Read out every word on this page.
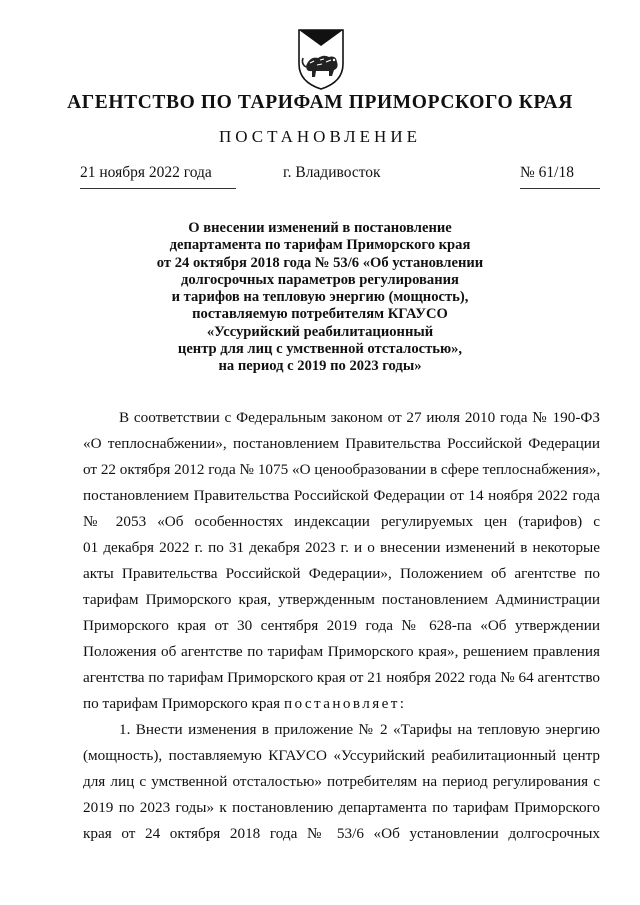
АГЕНТСТВО ПО ТАРИФАМ ПРИМОРСКОГО КРАЯ
ПОСТАНОВЛЕНИЕ
21 ноября 2022 года	г. Владивосток	№ 61/18
О внесении изменений в постановление
департамента по тарифам Приморского края
от 24 октября 2018 года № 53/6 «Об установлении
долгосрочных параметров регулирования
и тарифов на тепловую энергию (мощность),
поставляемую потребителям КГАУСО
«Уссурийский реабилитационный
центр для лиц с умственной отсталостью»,
на период с 2019 по 2023 годы»
В соответствии с Федеральным законом от 27 июля 2010 года № 190-ФЗ
«О теплоснабжении», постановлением Правительства Российской Федерации
от 22 октября 2012 года № 1075 «О ценообразовании в сфере теплоснабжения»,
постановлением Правительства Российской Федерации от 14 ноября 2022 года
№ 2053 «Об особенностях индексации регулируемых цен (тарифов) с
01 декабря 2022 г. по 31 декабря 2023 г. и о внесении изменений в некоторые
акты Правительства Российской Федерации», Положением об агентстве по
тарифам Приморского края, утвержденным постановлением Администрации
Приморского края от 30 сентября 2019 года № 628-па «Об утверждении
Положения об агентстве по тарифам Приморского края», решением правления
агентства по тарифам Приморского края от 21 ноября 2022 года № 64 агентство
по тарифам Приморского края постановляет:
1. Внести изменения в приложение № 2 «Тарифы на тепловую энергию
(мощность), поставляемую КГАУСО «Уссурийский реабилитационный центр
для лиц с умственной отсталостью» потребителям на период регулирования с
2019 по 2023 годы» к постановлению департамента по тарифам Приморского
края от 24 октября 2018 года № 53/6 «Об установлении долгосрочных
